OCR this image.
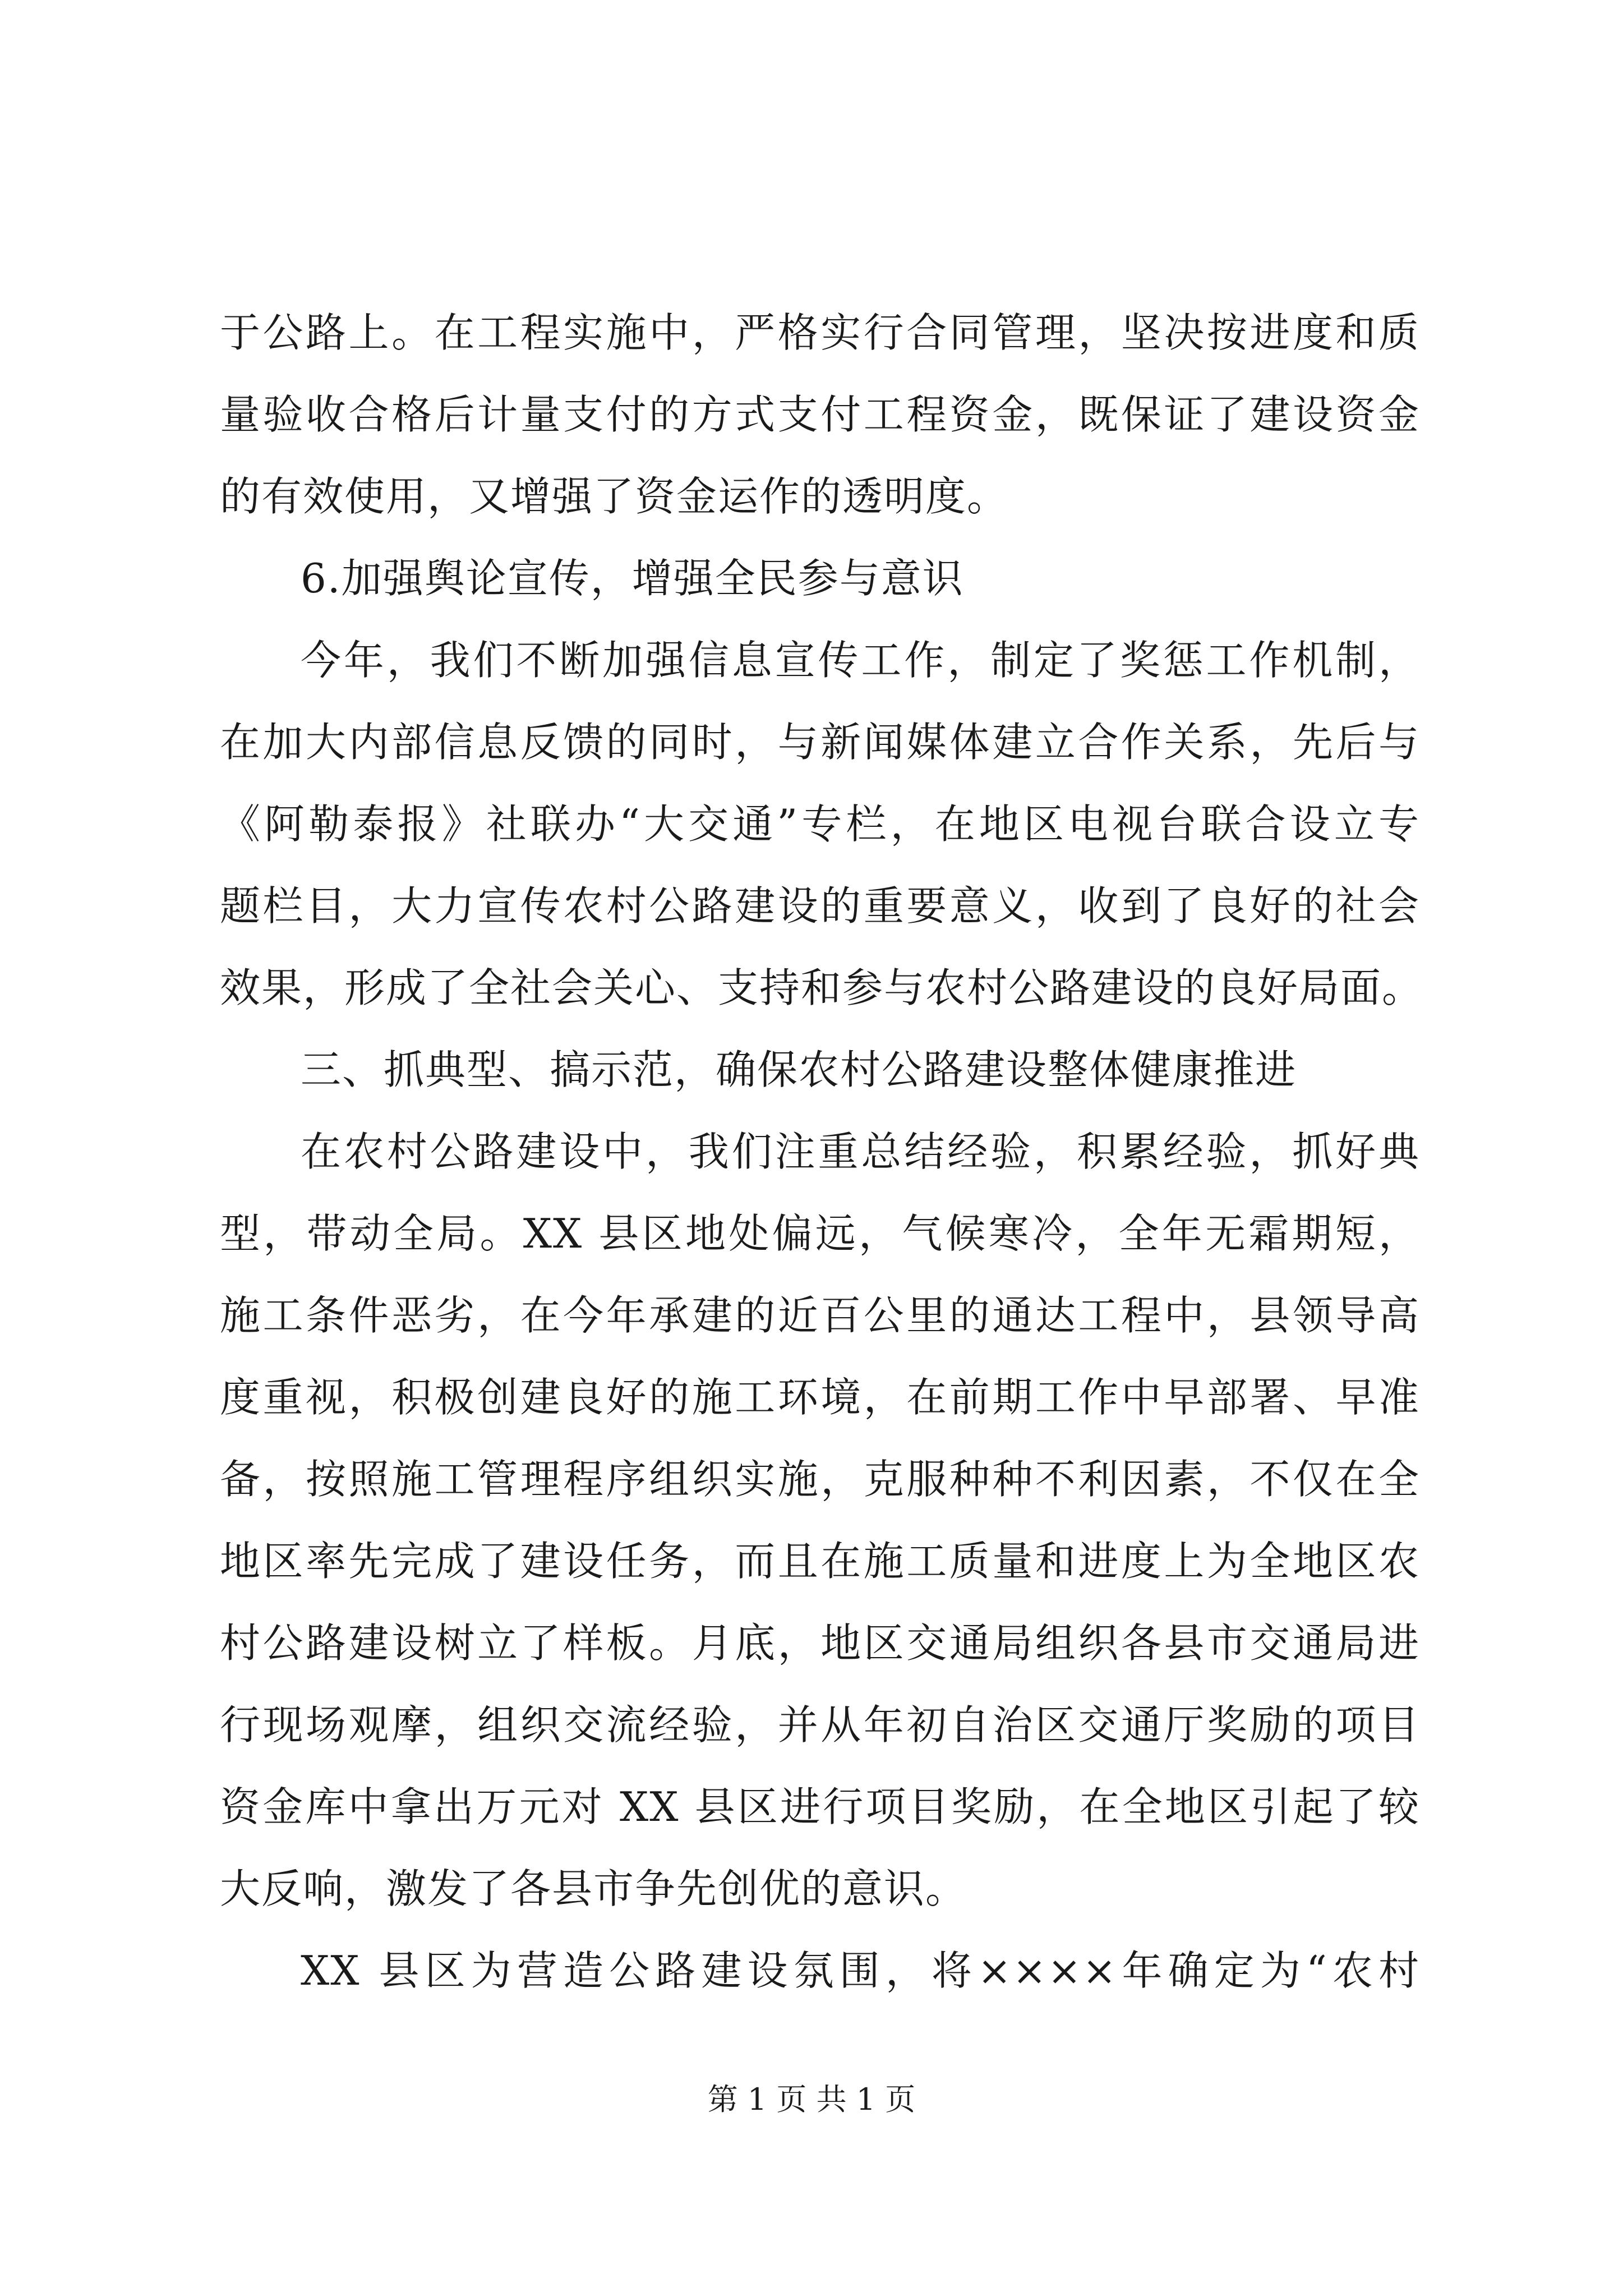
于公路上。在工程实施中，严格实行合同管理，坚决按进度和质
量验收合格后计量支付的方式支付工程资金，既保证了建设资金
的有效使用，又增强了资金运作的透明度。
6.加强舆论宣传，增强全民参与意识
今年，我们不断加强信息宣传工作，制定了奖惩工作机制，
在加大内部信息反馈的同时，与新闻媒体建立合作关系，先后与
《阿勒泰报》社联办“大交通”专栏，在地区电视台联合设立专
题栏目，大力宣传农村公路建设的重要意义，收到了良好的社会
效果，形成了全社会关心、支持和参与农村公路建设的良好局面。
三、抓典型、搞示范，确保农村公路建设整体健康推进
在农村公路建设中，我们注重总结经验，积累经验，抓好典
型，带动全局。XX 县区地处偏远，气候寒冷，全年无霜期短，
施工条件恶劣，在今年承建的近百公里的通达工程中，县领导高
度重视，积极创建良好的施工环境，在前期工作中早部署、早准
备，按照施工管理程序组织实施，克服种种不利因素，不仅在全
地区率先完成了建设任务，而且在施工质量和进度上为全地区农
村公路建设树立了样板。月底，地区交通局组织各县市交通局进
行现场观摩，组织交流经验，并从年初自治区交通厅奖励的项目
资金库中拿出万元对 XX 县区进行项目奖励，在全地区引起了较
大反响，激发了各县市争先创优的意识。
XX 县区为营造公路建设氛围，将××××年确定为“农村
第 1 页 共 1 页
